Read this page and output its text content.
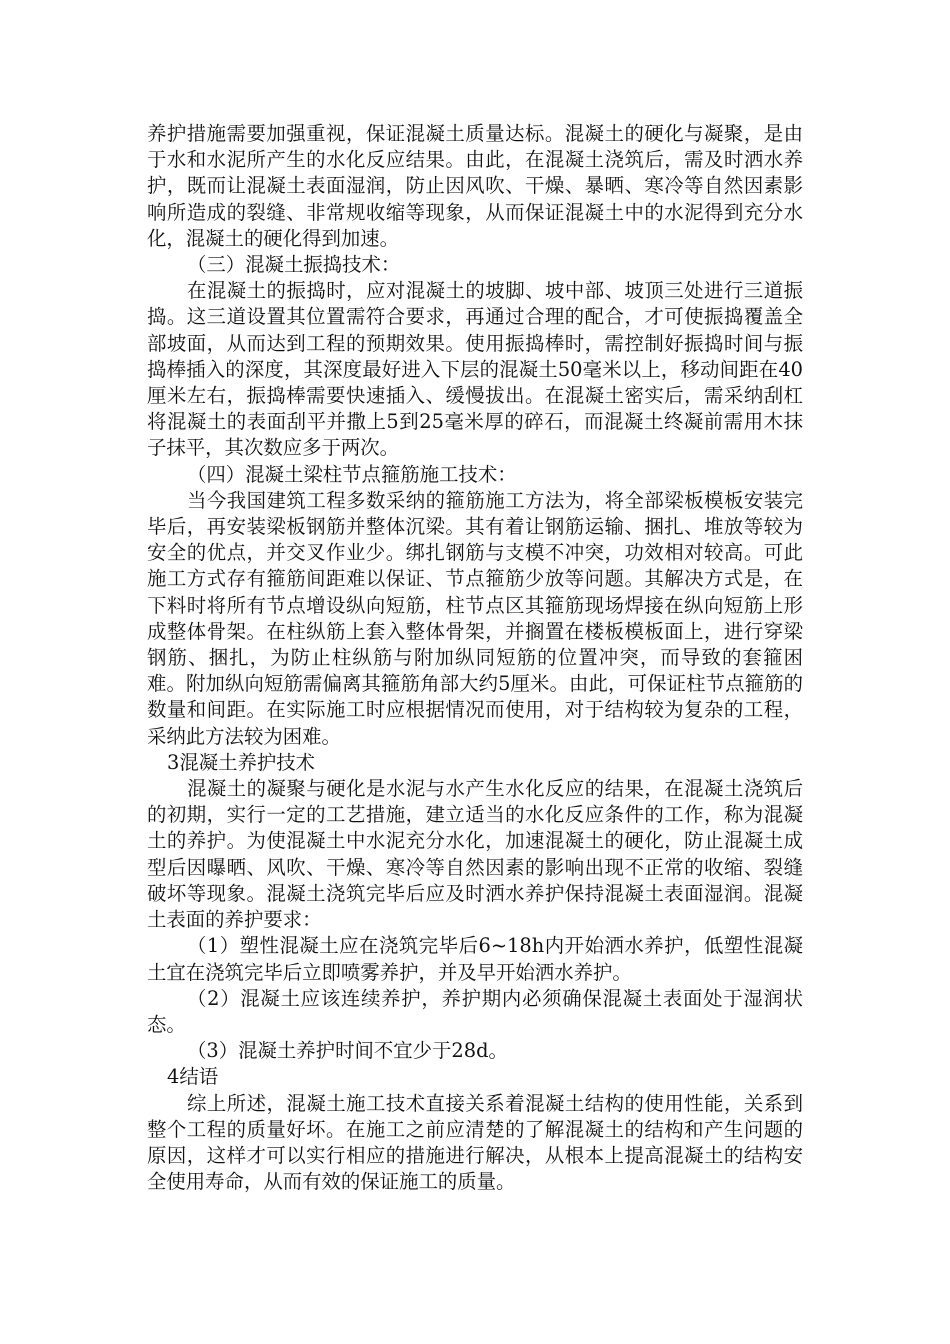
养护措施需要加强重视，保证混凝土质量达标。混凝土的硬化与凝聚，是由于水和水泥所产生的水化反应结果。由此，在混凝土浇筑后，需及时洒水养护，既而让混凝土表面湿润，防止因风吹、干燥、暴晒、寒冷等自然因素影响所造成的裂缝、非常规收缩等现象，从而保证混凝土中的水泥得到充分水化，混凝土的硬化得到加速。

（三）混凝土振捣技术：

在混凝土的振捣时，应对混凝土的坡脚、坡中部、坡顶三处进行三道振捣。这三道设置其位置需符合要求，再通过合理的配合，才可使振捣覆盖全部坡面，从而达到工程的预期效果。使用振捣棒时，需控制好振捣时间与振捣棒插入的深度，其深度最好进入下层的混凝土50毫米以上，移动间距在40厘米左右，振捣棒需要快速插入、缓慢拔出。在混凝土密实后，需采纳刮杠将混凝土的表面刮平并撒上5到25毫米厚的碎石，而混凝土终凝前需用木抹子抹平，其次数应多于两次。

（四）混凝土梁柱节点箍筋施工技术：

当今我国建筑工程多数采纳的箍筋施工方法为，将全部梁板模板安装完毕后，再安装梁板钢筋并整体沉梁。其有着让钢筋运输、捆扎、堆放等较为安全的优点，并交叉作业少。绑扎钢筋与支模不冲突，功效相对较高。可此施工方式存有箍筋间距难以保证、节点箍筋少放等问题。其解决方式是，在下料时将所有节点增设纵向短筋，柱节点区其箍筋现场焊接在纵向短筋上形成整体骨架。在柱纵筋上套入整体骨架，并搁置在楼板模板面上，进行穿梁钢筋、捆扎，为防止柱纵筋与附加纵同短筋的位置冲突，而导致的套箍困难。附加纵向短筋需偏离其箍筋角部大约5厘米。由此，可保证柱节点箍筋的数量和间距。在实际施工时应根据情况而使用，对于结构较为复杂的工程，采纳此方法较为困难。

3混凝土养护技术

混凝土的凝聚与硬化是水泥与水产生水化反应的结果，在混凝土浇筑后的初期，实行一定的工艺措施，建立适当的水化反应条件的工作，称为混凝土的养护。为使混凝土中水泥充分水化，加速混凝土的硬化，防止混凝土成型后因曝晒、风吹、干燥、寒冷等自然因素的影响出现不正常的收缩、裂缝破坏等现象。混凝土浇筑完毕后应及时洒水养护保持混凝土表面湿润。混凝土表面的养护要求：

（1）塑性混凝土应在浇筑完毕后6~18h内开始洒水养护，低塑性混凝土宜在浇筑完毕后立即喷雾养护，并及早开始洒水养护。

（2）混凝土应该连续养护，养护期内必须确保混凝土表面处于湿润状态。

（3）混凝土养护时间不宜少于28d。

4结语

综上所述，混凝土施工技术直接关系着混凝土结构的使用性能，关系到整个工程的质量好坏。在施工之前应清楚的了解混凝土的结构和产生问题的原因，这样才可以实行相应的措施进行解决，从根本上提高混凝土的结构安全使用寿命，从而有效的保证施工的质量。
